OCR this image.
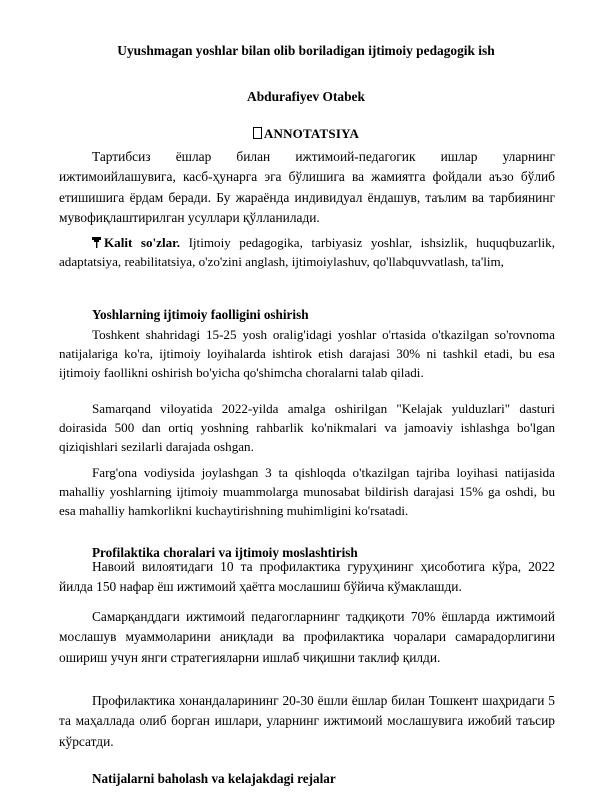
Uyushmagan yoshlar bilan olib boriladigan ijtimoiy pedagogik ish
Abdurafiyev Otabek
ANNOTATSIYA

Тартибсиз ёшлар билан ижтимоий-педагогик ишлар уларнинг ижтимоийлашувига, касб-ҳунарга эга бўлишига ва жамиятга фойдали аъзо бўлиб етишишига ёрдам беради. Бу жараёнда индивидуал ёндашув, таълим ва тарбиянинг мувофиқлаштирилган усуллари қўлланилади.

Kalit so'zlar. Ijtimoiy pedagogika, tarbiyasiz yoshlar, ishsizlik, huquqbuzarlik, adaptatsiya, reabilitatsiya, o'zo'zini anglash, ijtimoiylashuv, qo'llabquvvatlash, ta'lim,

Yoshlarning ijtimoiy faolligini oshirish

Toshkent shahridagi 15-25 yosh oralig'idagi yoshlar o'rtasida o'tkazilgan so'rovnoma natijalariga ko'ra, ijtimoiy loyihalarda ishtirok etish darajasi 30% ni tashkil etadi, bu esa ijtimoiy faollikni oshirish bo'yicha qo'shimcha choralarni talab qiladi.

Samarqand viloyatida 2022-yilda amalga oshirilgan "Kelajak yulduzlari" dasturi doirasida 500 dan ortiq yoshning rahbarlik ko'nikmalari va jamoaviy ishlashga bo'lgan qiziqishlari sezilarli darajada oshgan.

Farg'ona vodiysida joylashgan 3 ta qishloqda o'tkazilgan tajriba loyihasi natijasida mahalliy yoshlarning ijtimoiy muammolarga munosabat bildirish darajasi 15% ga oshdi, bu esa mahalliy hamkorlikni kuchaytirishning muhimligini ko'rsatadi.

Profilaktika choralari va ijtimoiy moslashtirish

Навоий вилоятидаги 10 та профилактика гуруҳининг ҳисоботига кўра, 2022 йилда 150 нафар ёш ижтимоий ҳаётга мослашиш бўйича кўмаклашди.

Самарқанддаги ижтимоий педагогларнинг тадқиқоти 70% ёшларда ижтимоий мослашув муаммоларини аниқлади ва профилактика чоралари самарадорлигини ошириш учун янги стратегияларни ишлаб чиқишни таклиф қилди.

Профилактика хонандаларининг 20-30 ёшли ёшлар билан Тошкент шаҳридаги 5 та маҳаллада олиб борган ишлари, уларнинг ижтимоий мослашувига ижобий таъсир кўрсатди.

Natijalarni baholash va kelajakdagi rejalar
